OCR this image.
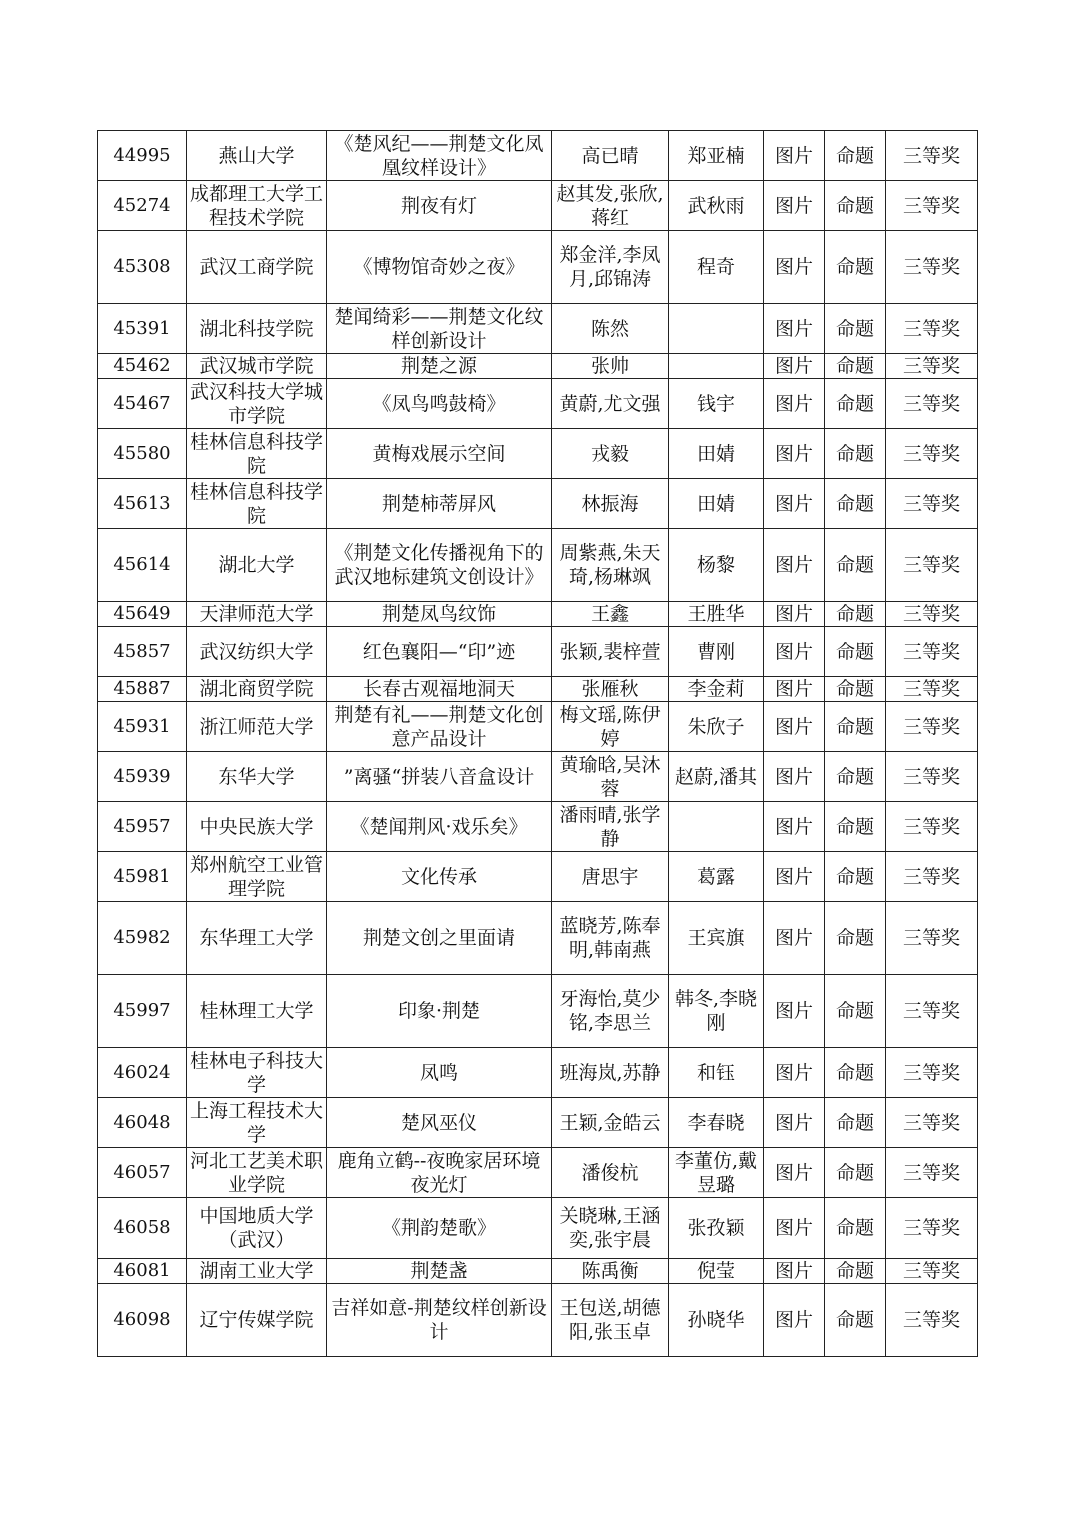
44995	燕山大学	《楚风纪——荆楚文化凤凰纹样设计》	高已晴	郑亚楠	图片	命题	三等奖
45274	成都理工大学工程技术学院	荆夜有灯	赵其发,张欣,蒋红	武秋雨	图片	命题	三等奖
45308	武汉工商学院	《博物馆奇妙之夜》	郑金洋,李凤月,邱锦涛	程奇	图片	命题	三等奖
45391	湖北科技学院	楚闻绮彩——荆楚文化纹样创新设计	陈然		图片	命题	三等奖
45462	武汉城市学院	荆楚之源	张帅		图片	命题	三等奖
45467	武汉科技大学城市学院	《凤鸟鸣鼓椅》	黄蔚,尤文强	钱宇	图片	命题	三等奖
45580	桂林信息科技学院	黄梅戏展示空间	戎毅	田婧	图片	命题	三等奖
45613	桂林信息科技学院	荆楚柿蒂屏风	林振海	田婧	图片	命题	三等奖
45614	湖北大学	《荆楚文化传播视角下的武汉地标建筑文创设计》	周紫燕,朱天琦,杨琳飒	杨黎	图片	命题	三等奖
45649	天津师范大学	荆楚凤鸟纹饰	王鑫	王胜华	图片	命题	三等奖
45857	武汉纺织大学	红色襄阳—“印”迹	张颖,裴梓萱	曹刚	图片	命题	三等奖
45887	湖北商贸学院	长春古观福地洞天	张雁秋	李金莉	图片	命题	三等奖
45931	浙江师范大学	荆楚有礼——荆楚文化创意产品设计	梅文瑶,陈伊婷	朱欣子	图片	命题	三等奖
45939	东华大学	”离骚“拼装八音盒设计	黄瑜晗,吴沐蓉	赵蔚,潘其	图片	命题	三等奖
45957	中央民族大学	《楚闻荆风·戏乐矣》	潘雨晴,张学静		图片	命题	三等奖
45981	郑州航空工业管理学院	文化传承	唐思宇	葛露	图片	命题	三等奖
45982	东华理工大学	荆楚文创之里面请	蓝晓芳,陈奉明,韩南燕	王宾旗	图片	命题	三等奖
45997	桂林理工大学	印象·荆楚	牙海怡,莫少铭,李思兰	韩冬,李晓刚	图片	命题	三等奖
46024	桂林电子科技大学	凤鸣	班海岚,苏静	和钰	图片	命题	三等奖
46048	上海工程技术大学	楚风巫仪	王颖,金皓云	李春晓	图片	命题	三等奖
46057	河北工艺美术职业学院	鹿角立鹤--夜晚家居环境夜光灯	潘俊杭	李董仿,戴昱璐	图片	命题	三等奖
46058	中国地质大学（武汉）	《荆韵楚歌》	关晓琳,王涵奕,张宇晨	张孜颖	图片	命题	三等奖
46081	湖南工业大学	荆楚盏	陈禹衡	倪莹	图片	命题	三等奖
46098	辽宁传媒学院	吉祥如意-荆楚纹样创新设计	王包送,胡德阳,张玉卓	孙晓华	图片	命题	三等奖
